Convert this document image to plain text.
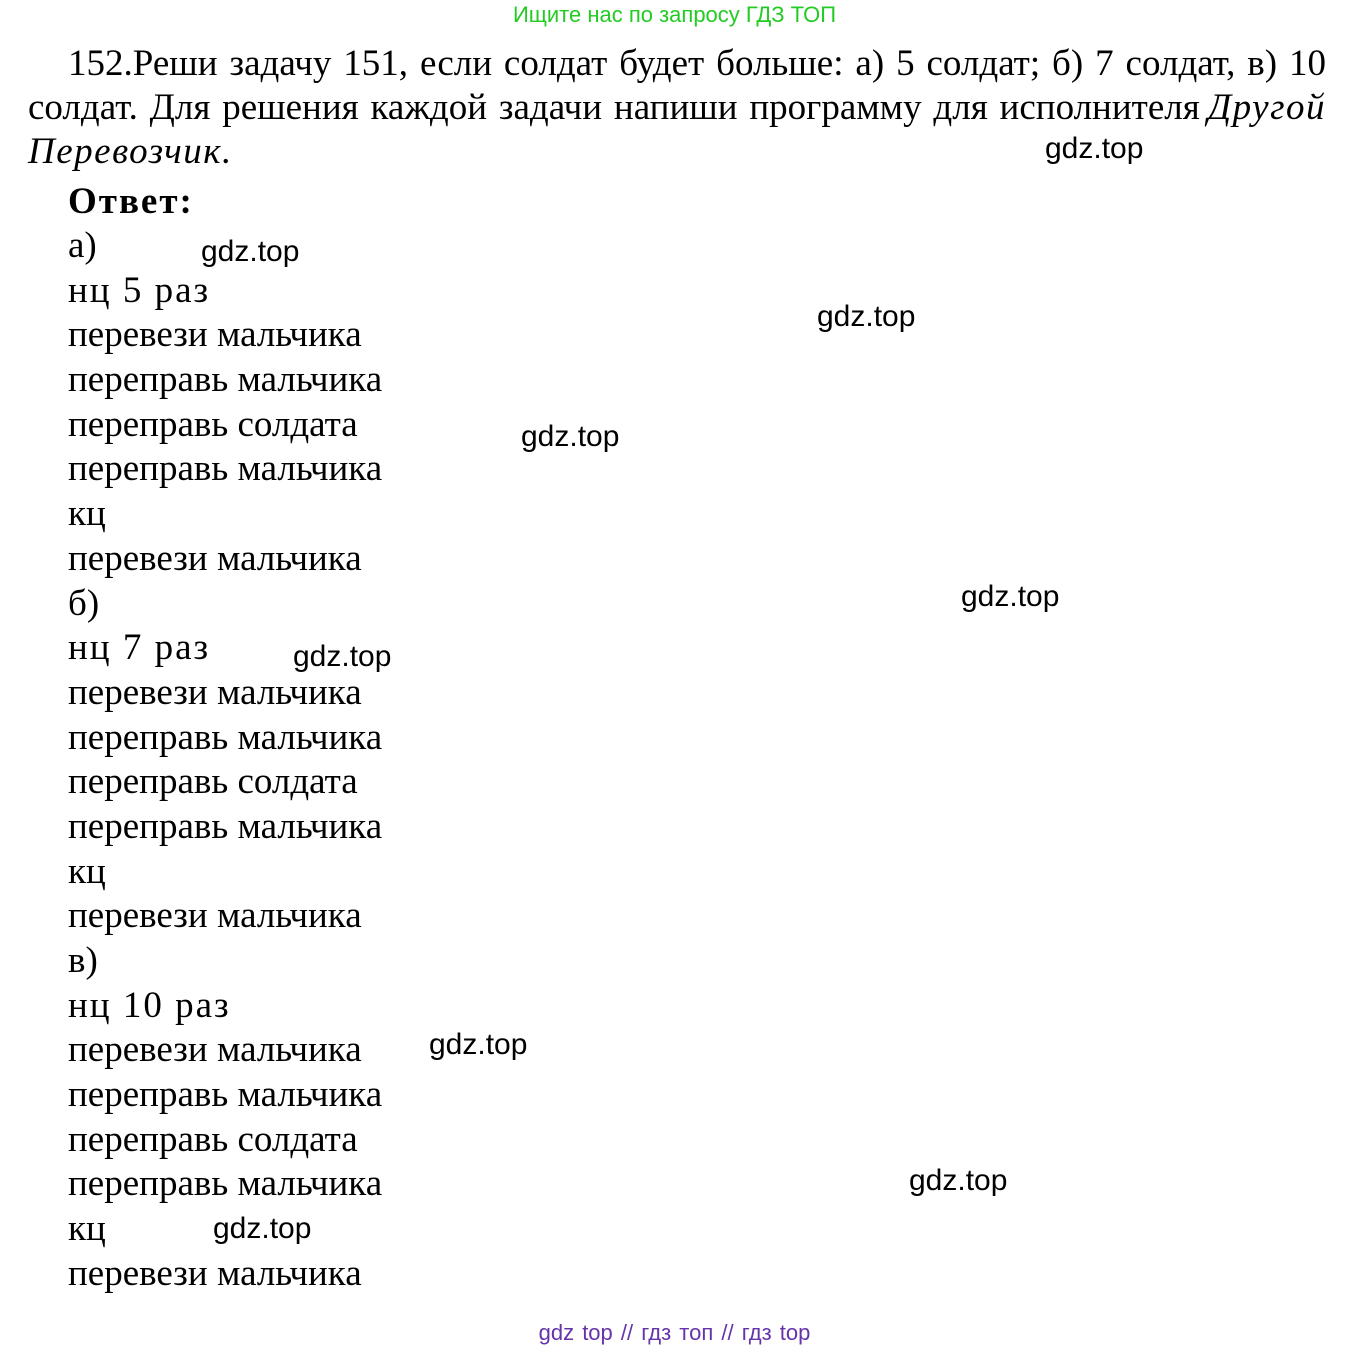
Ищите нас по запросу ГДЗ ТОП
152.Реши задачу 151, если солдат будет больше: а) 5 солдат; б) 7 солдат, в) 10 солдат. Для решения каждой задачи напиши программу для исполнителя Другой Перевозчик.
Ответ:
а)
нц 5 раз
перевези мальчика
переправь мальчика
переправь солдата
переправь мальчика
кц
перевези мальчика
б)
нц 7 раз
перевези мальчика
переправь мальчика
переправь солдата
переправь мальчика
кц
перевези мальчика
в)
нц 10 раз
перевези мальчика
переправь мальчика
переправь солдата
переправь мальчика
кц
перевези мальчика
gdz.top
gdz.top
gdz.top
gdz.top
gdz.top
gdz.top
gdz.top
gdz.top
gdz.top
gdz top // гдз топ // гдз top
